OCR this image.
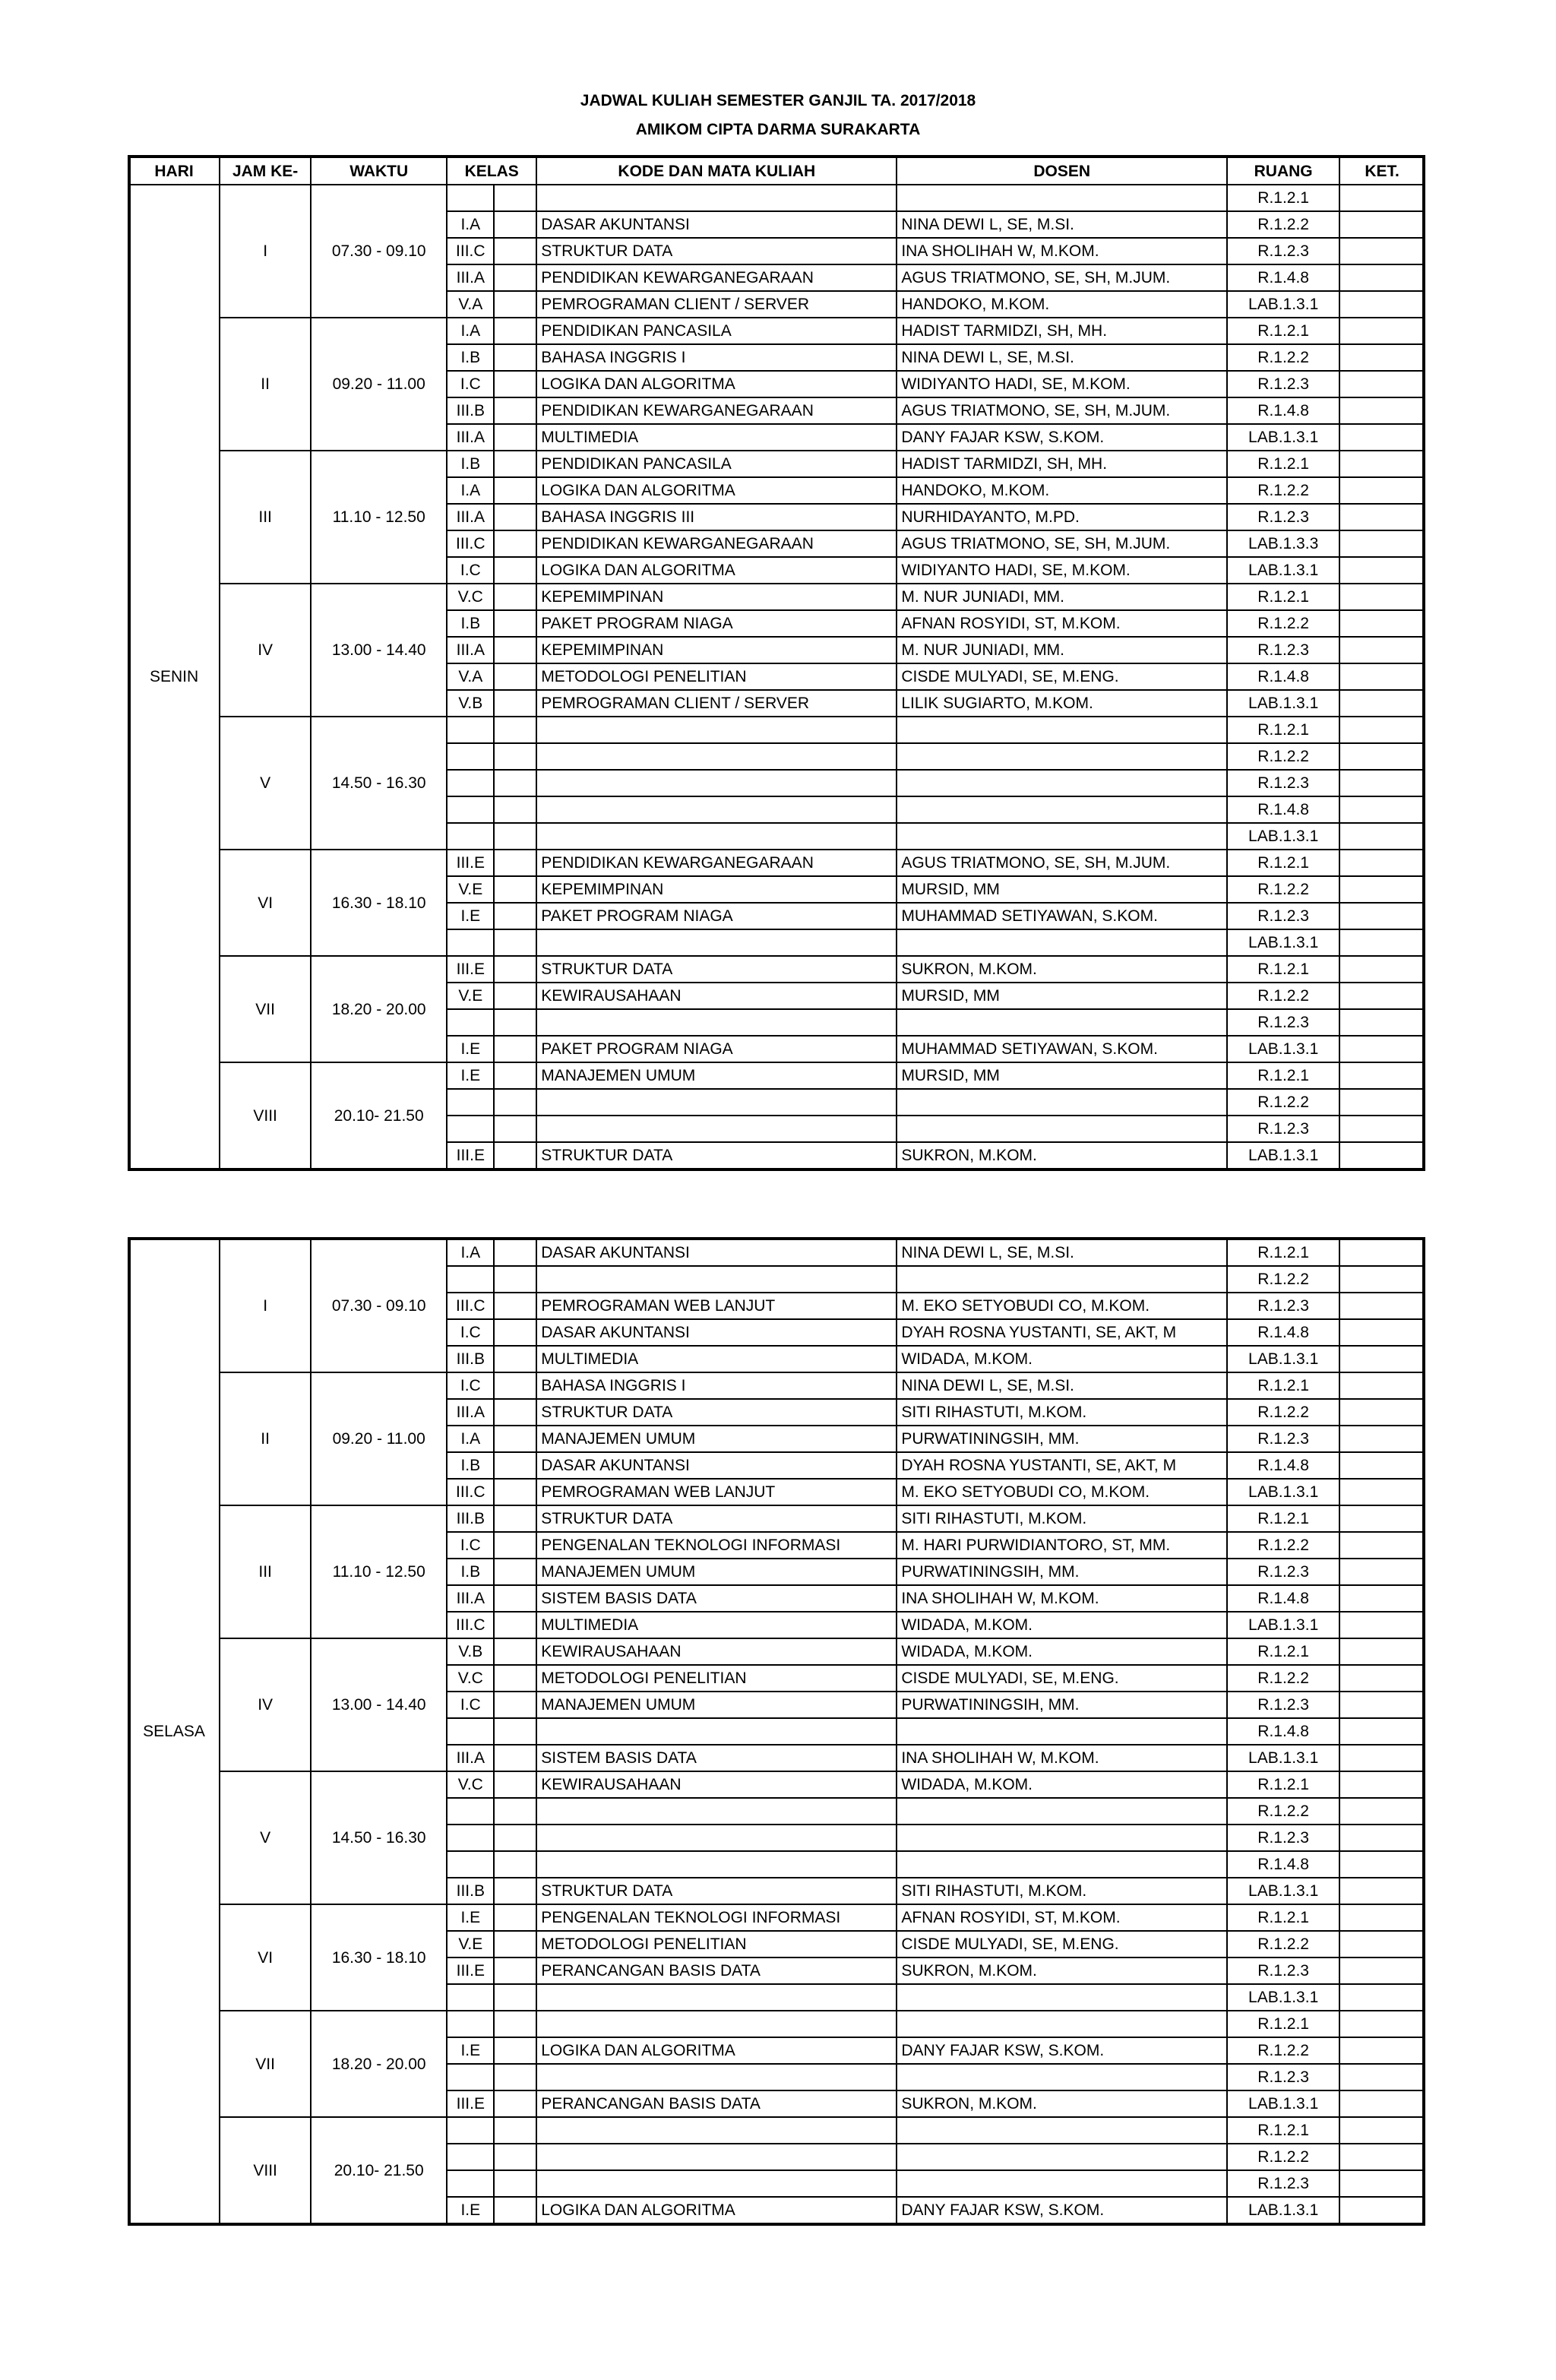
JADWAL KULIAH SEMESTER GANJIL TA. 2017/2018
AMIKOM CIPTA DARMA SURAKARTA
HARI	JAM KE-	WAKTU	KELAS		KODE DAN MATA KULIAH	DOSEN	RUANG	KET.
SENIN	I	07.30 - 09.10					R.1.2.1	
			I.A		DASAR AKUNTANSI	NINA DEWI L, SE, M.SI.	R.1.2.2	
			III.C		STRUKTUR DATA	INA SHOLIHAH W, M.KOM.	R.1.2.3	
			III.A		PENDIDIKAN KEWARGANEGARAAN	AGUS TRIATMONO, SE, SH, M.JUM.	R.1.4.8	
			V.A		PEMROGRAMAN CLIENT / SERVER	HANDOKO, M.KOM.	LAB.1.3.1	
	II	09.20 - 11.00	I.A		PENDIDIKAN PANCASILA	HADIST TARMIDZI, SH, MH.	R.1.2.1	
			I.B		BAHASA INGGRIS I	NINA DEWI L, SE, M.SI.	R.1.2.2	
			I.C		LOGIKA DAN ALGORITMA	WIDIYANTO HADI, SE, M.KOM.	R.1.2.3	
			III.B		PENDIDIKAN KEWARGANEGARAAN	AGUS TRIATMONO, SE, SH, M.JUM.	R.1.4.8	
			III.A		MULTIMEDIA	DANY FAJAR KSW, S.KOM.	LAB.1.3.1	
	III	11.10 - 12.50	I.B		PENDIDIKAN PANCASILA	HADIST TARMIDZI, SH, MH.	R.1.2.1	
			I.A		LOGIKA DAN ALGORITMA	HANDOKO, M.KOM.	R.1.2.2	
			III.A		BAHASA INGGRIS III	NURHIDAYANTO, M.PD.	R.1.2.3	
			III.C		PENDIDIKAN KEWARGANEGARAAN	AGUS TRIATMONO, SE, SH, M.JUM.	LAB.1.3.3	
			I.C		LOGIKA DAN ALGORITMA	WIDIYANTO HADI, SE, M.KOM.	LAB.1.3.1	
	IV	13.00 - 14.40	V.C		KEPEMIMPINAN	M. NUR JUNIADI, MM.	R.1.2.1	
			I.B		PAKET PROGRAM NIAGA	AFNAN ROSYIDI, ST, M.KOM.	R.1.2.2	
			III.A		KEPEMIMPINAN	M. NUR JUNIADI, MM.	R.1.2.3	
			V.A		METODOLOGI PENELITIAN	CISDE MULYADI, SE, M.ENG.	R.1.4.8	
			V.B		PEMROGRAMAN CLIENT / SERVER	LILIK SUGIARTO, M.KOM.	LAB.1.3.1	
	V	14.50 - 16.30					R.1.2.1	
							R.1.2.2	
							R.1.2.3	
							R.1.4.8	
							LAB.1.3.1	
	VI	16.30 - 18.10	III.E		PENDIDIKAN KEWARGANEGARAAN	AGUS TRIATMONO, SE, SH, M.JUM.	R.1.2.1	
			V.E		KEPEMIMPINAN	MURSID, MM	R.1.2.2	
			I.E		PAKET PROGRAM NIAGA	MUHAMMAD SETIYAWAN, S.KOM.	R.1.2.3	
							LAB.1.3.1	
	VII	18.20 - 20.00	III.E		STRUKTUR DATA	SUKRON, M.KOM.	R.1.2.1	
			V.E		KEWIRAUSAHAAN	MURSID, MM	R.1.2.2	
							R.1.2.3	
			I.E		PAKET PROGRAM NIAGA	MUHAMMAD SETIYAWAN, S.KOM.	LAB.1.3.1	
	VIII	20.10- 21.50	I.E		MANAJEMEN UMUM	MURSID, MM	R.1.2.1	
							R.1.2.2	
							R.1.2.3	
			III.E		STRUKTUR DATA	SUKRON, M.KOM.	LAB.1.3.1	
SELASA	I	07.30 - 09.10	I.A		DASAR AKUNTANSI	NINA DEWI L, SE, M.SI.	R.1.2.1	
							R.1.2.2	
			III.C		PEMROGRAMAN WEB LANJUT	M. EKO SETYOBUDI CO, M.KOM.	R.1.2.3	
			I.C		DASAR AKUNTANSI	DYAH ROSNA YUSTANTI, SE, AKT, M	R.1.4.8	
			III.B		MULTIMEDIA	WIDADA, M.KOM.	LAB.1.3.1	
	II	09.20 - 11.00	I.C		BAHASA INGGRIS I	NINA DEWI L, SE, M.SI.	R.1.2.1	
			III.A		STRUKTUR DATA	SITI RIHASTUTI, M.KOM.	R.1.2.2	
			I.A		MANAJEMEN UMUM	PURWATININGSIH, MM.	R.1.2.3	
			I.B		DASAR AKUNTANSI	DYAH ROSNA YUSTANTI, SE, AKT, M	R.1.4.8	
			III.C		PEMROGRAMAN WEB LANJUT	M. EKO SETYOBUDI CO, M.KOM.	LAB.1.3.1	
	III	11.10 - 12.50	III.B		STRUKTUR DATA	SITI RIHASTUTI, M.KOM.	R.1.2.1	
			I.C		PENGENALAN TEKNOLOGI INFORMASI	M. HARI PURWIDIANTORO, ST, MM.	R.1.2.2	
			I.B		MANAJEMEN UMUM	PURWATININGSIH, MM.	R.1.2.3	
			III.A		SISTEM BASIS DATA	INA SHOLIHAH W, M.KOM.	R.1.4.8	
			III.C		MULTIMEDIA	WIDADA, M.KOM.	LAB.1.3.1	
	IV	13.00 - 14.40	V.B		KEWIRAUSAHAAN	WIDADA, M.KOM.	R.1.2.1	
			V.C		METODOLOGI PENELITIAN	CISDE MULYADI, SE, M.ENG.	R.1.2.2	
			I.C		MANAJEMEN UMUM	PURWATININGSIH, MM.	R.1.2.3	
							R.1.4.8	
			III.A		SISTEM BASIS DATA	INA SHOLIHAH W, M.KOM.	LAB.1.3.1	
	V	14.50 - 16.30	V.C		KEWIRAUSAHAAN	WIDADA, M.KOM.	R.1.2.1	
							R.1.2.2	
							R.1.2.3	
							R.1.4.8	
			III.B		STRUKTUR DATA	SITI RIHASTUTI, M.KOM.	LAB.1.3.1	
	VI	16.30 - 18.10	I.E		PENGENALAN TEKNOLOGI INFORMASI	AFNAN ROSYIDI, ST, M.KOM.	R.1.2.1	
			V.E		METODOLOGI PENELITIAN	CISDE MULYADI, SE, M.ENG.	R.1.2.2	
			III.E		PERANCANGAN BASIS DATA	SUKRON, M.KOM.	R.1.2.3	
							LAB.1.3.1	
	VII	18.20 - 20.00					R.1.2.1	
			I.E		LOGIKA DAN ALGORITMA	DANY FAJAR KSW, S.KOM.	R.1.2.2	
							R.1.2.3	
			III.E		PERANCANGAN BASIS DATA	SUKRON, M.KOM.	LAB.1.3.1	
	VIII	20.10- 21.50					R.1.2.1	
							R.1.2.2	
							R.1.2.3	
			I.E		LOGIKA DAN ALGORITMA	DANY FAJAR KSW, S.KOM.	LAB.1.3.1	
